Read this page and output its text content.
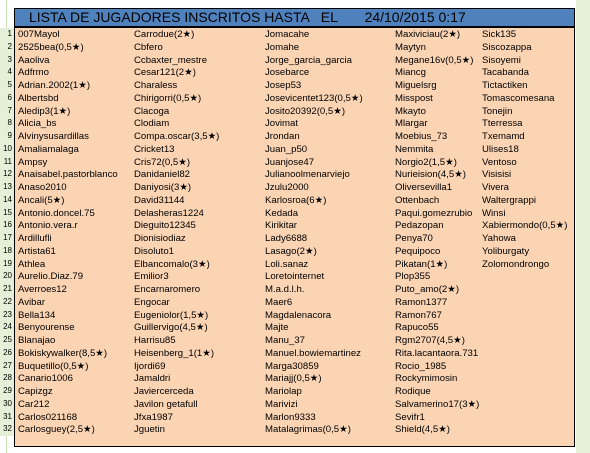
1
2
3
4
5
6
7
8
9
10
11
12
13
14
15
16
17
18
19
20
21
22
23
24
25
26
27
28
29
30
31
32
LISTA DE JUGADORES INSCRITOS HASTA   EL       24/10/2015 0:17
007Mayol
2525bea(0,5★)
Aaoliva
Adfrmo
Adrian.2002(1★)
Albertsbd
Aledip3(1★)
Alicia_bs
Alvinysusardillas
Amaliamalaga
Ampsy
Anaisabel.pastorblanco
Anaso2010
Ancali(5★)
Antonio.doncel.75
Antonio.vera.r
Ardillufli
Artista61
Athlea
Aurelio.Diaz.79
Averroes12
Avibar
Bella134
Benyourense
Blanajao
Bokiskywalker(8,5★)
Buquetillo(0,5★)
Canario1006
Capizgz
Car212
Carlos021168
Carlosguey(2,5★)
Carrodue(2★)
Cbfero
Ccbaxter_mestre
Cesar121(2★)
Charaless
Chirigorri(0,5★)
Clacoga
Clodiam
Compa.oscar(3,5★)
Cricket13
Cris72(0,5★)
Danidaniel82
Daniyosi(3★)
David31144
Delasheras1224
Dieguito12345
Dionisiodiaz
Disoluto1
Elbancomalo(3★)
Emilior3
Encarnaromero
Engocar
Eugeniolor(1,5★)
Guillervigo(4,5★)
Harrisu85
Heisenberg_1(1★)
Ijordi69
Jamaldri
Javiercerceda
Javilon getafull
Jfxa1987
Jguetin
Jomacahe
Jomahe
Jorge_garcia_garcia
Josebarce
Josep53
Josevicentet123(0,5★)
Josito20392(0,5★)
Jovimat
Jrondan
Juan_p50
Juanjose47
Julianoolmenarviejo
Jzulu2000
Karlosroa(6★)
Kedada
Kirikitar
Lady6688
Lasago(2★)
Loli.sanaz
Loretointernet
M.a.d.l.h.
Maer6
Magdalenacora
Majte
Manu_37
Manuel.bowiemartinez
Marga30859
Mariajj(0,5★)
Mariolap
Marivizi
Marlon9333
Matalagrimas(0,5★)
Maxiviciau(2★)
Maytyn
Megane16v(0,5★)
Miancg
Miguelsrg
Misspost
Mkayto
Mlargar
Moebius_73
Nemmita
Norgio2(1,5★)
Nurieision(4,5★)
Oliversevilla1
Ottenbach
Paqui.gomezrubio
Pedazopan
Penya70
Pequipoco
Pikatan(1★)
Plop355
Puto_amo(2★)
Ramon1377
Ramon767
Rapuco55
Rgm2707(4,5★)
Rita.lacantaora.731
Rocio_1985
Rockymimosin
Rodique
Salvamerino17(3★)
Sevifr1
Shield(4,5★)
Sick135
Siscozappa
Sisoyemi
Tacabanda
Tictactiken
Tomascomesana
Tonejin
Tterressa
Txemamd
Ulises18
Ventoso
Visisisi
Vivera
Waltergrappi
Winsi
Xabiermondo(0,5★)
Yahowa
Yoliburgaty
Zolomondrongo
